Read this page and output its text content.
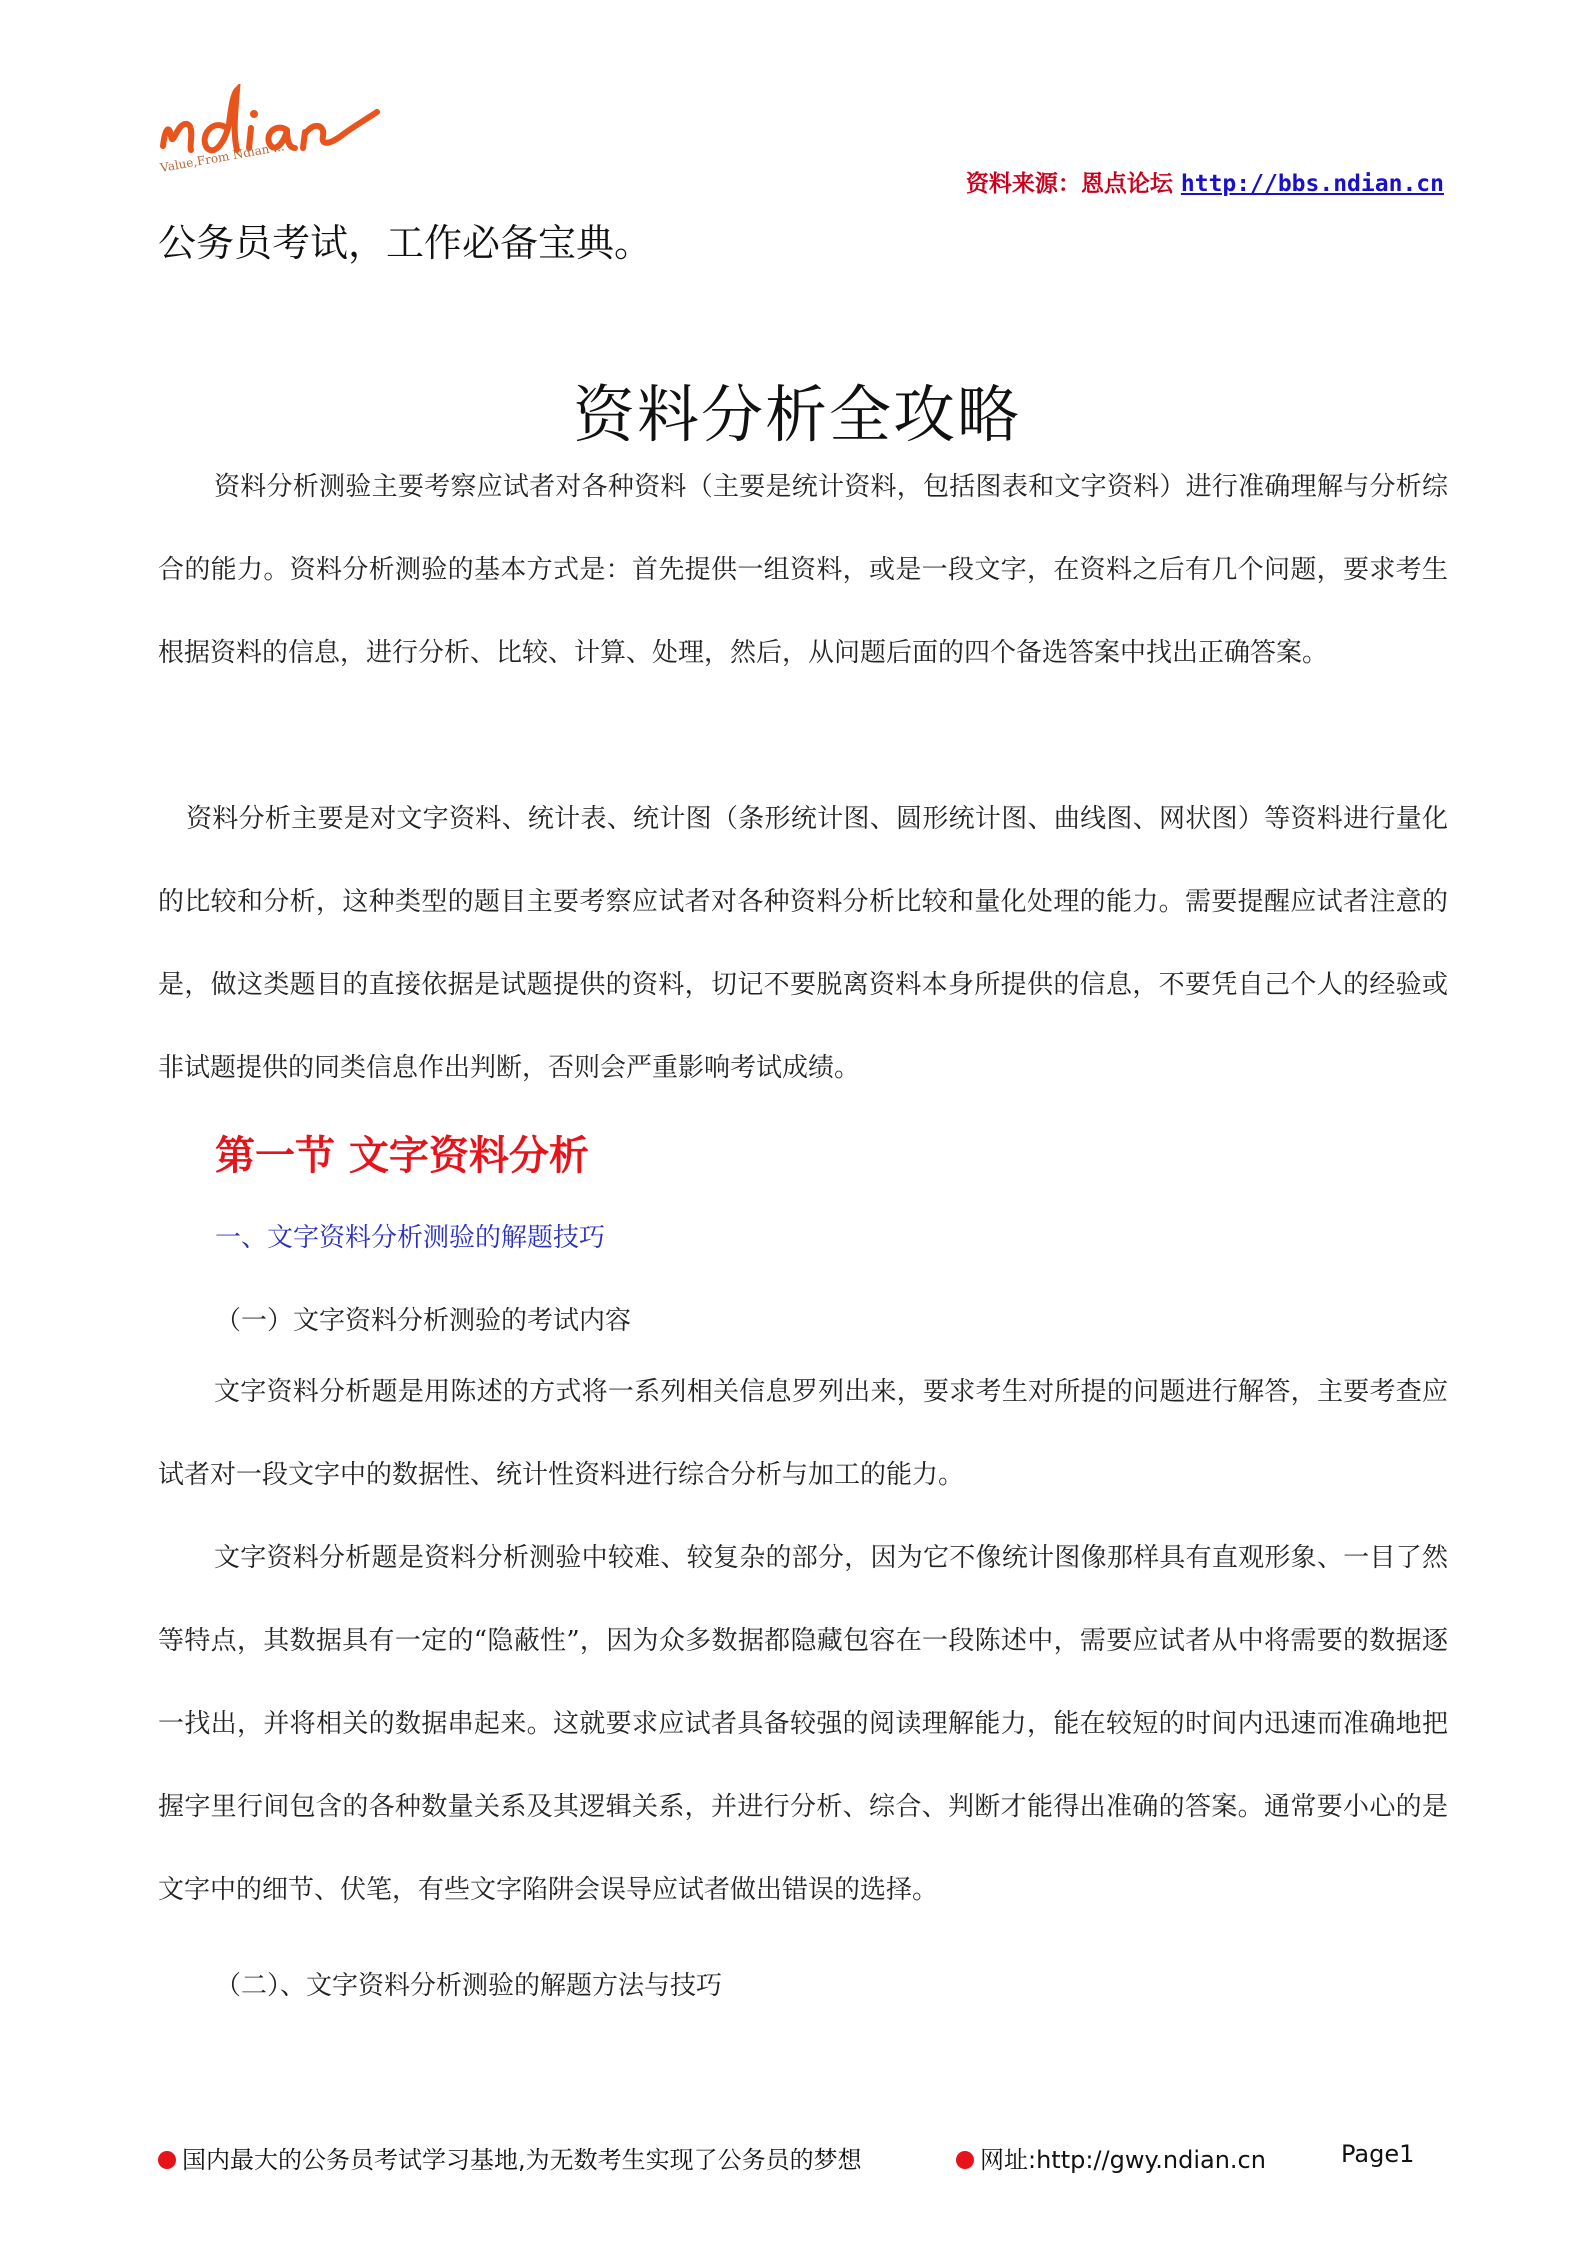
Value,From Ndian ...
资料来源：恩点论坛 http://bbs.ndian.cn
公务员考试，工作必备宝典。
资料分析全攻略

资料分析测验主要考察应试者对各种资料（主要是统计资料，包括图表和文字资料）进行准确理解与分析综合的能力。资料分析测验的基本方式是：首先提供一组资料，或是一段文字，在资料之后有几个问题，要求考生根据资料的信息，进行分析、比较、计算、处理，然后，从问题后面的四个备选答案中找出正确答案。

资料分析主要是对文字资料、统计表、统计图（条形统计图、圆形统计图、曲线图、网状图）等资料进行量化的比较和分析，这种类型的题目主要考察应试者对各种资料分析比较和量化处理的能力。需要提醒应试者注意的是，做这类题目的直接依据是试题提供的资料，切记不要脱离资料本身所提供的信息，不要凭自己个人的经验或非试题提供的同类信息作出判断，否则会严重影响考试成绩。

第一节 文字资料分析
一、文字资料分析测验的解题技巧
（一）文字资料分析测验的考试内容

文字资料分析题是用陈述的方式将一系列相关信息罗列出来，要求考生对所提的问题进行解答，主要考查应试者对一段文字中的数据性、统计性资料进行综合分析与加工的能力。

文字资料分析题是资料分析测验中较难、较复杂的部分，因为它不像统计图像那样具有直观形象、一目了然等特点，其数据具有一定的“隐蔽性”，因为众多数据都隐藏包容在一段陈述中，需要应试者从中将需要的数据逐一找出，并将相关的数据串起来。这就要求应试者具备较强的阅读理解能力，能在较短的时间内迅速而准确地把握字里行间包含的各种数量关系及其逻辑关系，并进行分析、综合、判断才能得出准确的答案。通常要小心的是文字中的细节、伏笔，有些文字陷阱会误导应试者做出错误的选择。

（二）、文字资料分析测验的解题方法与技巧
国内最大的公务员考试学习基地,为无数考生实现了公务员的梦想	网址:http://gwy.ndian.cn	Page1
